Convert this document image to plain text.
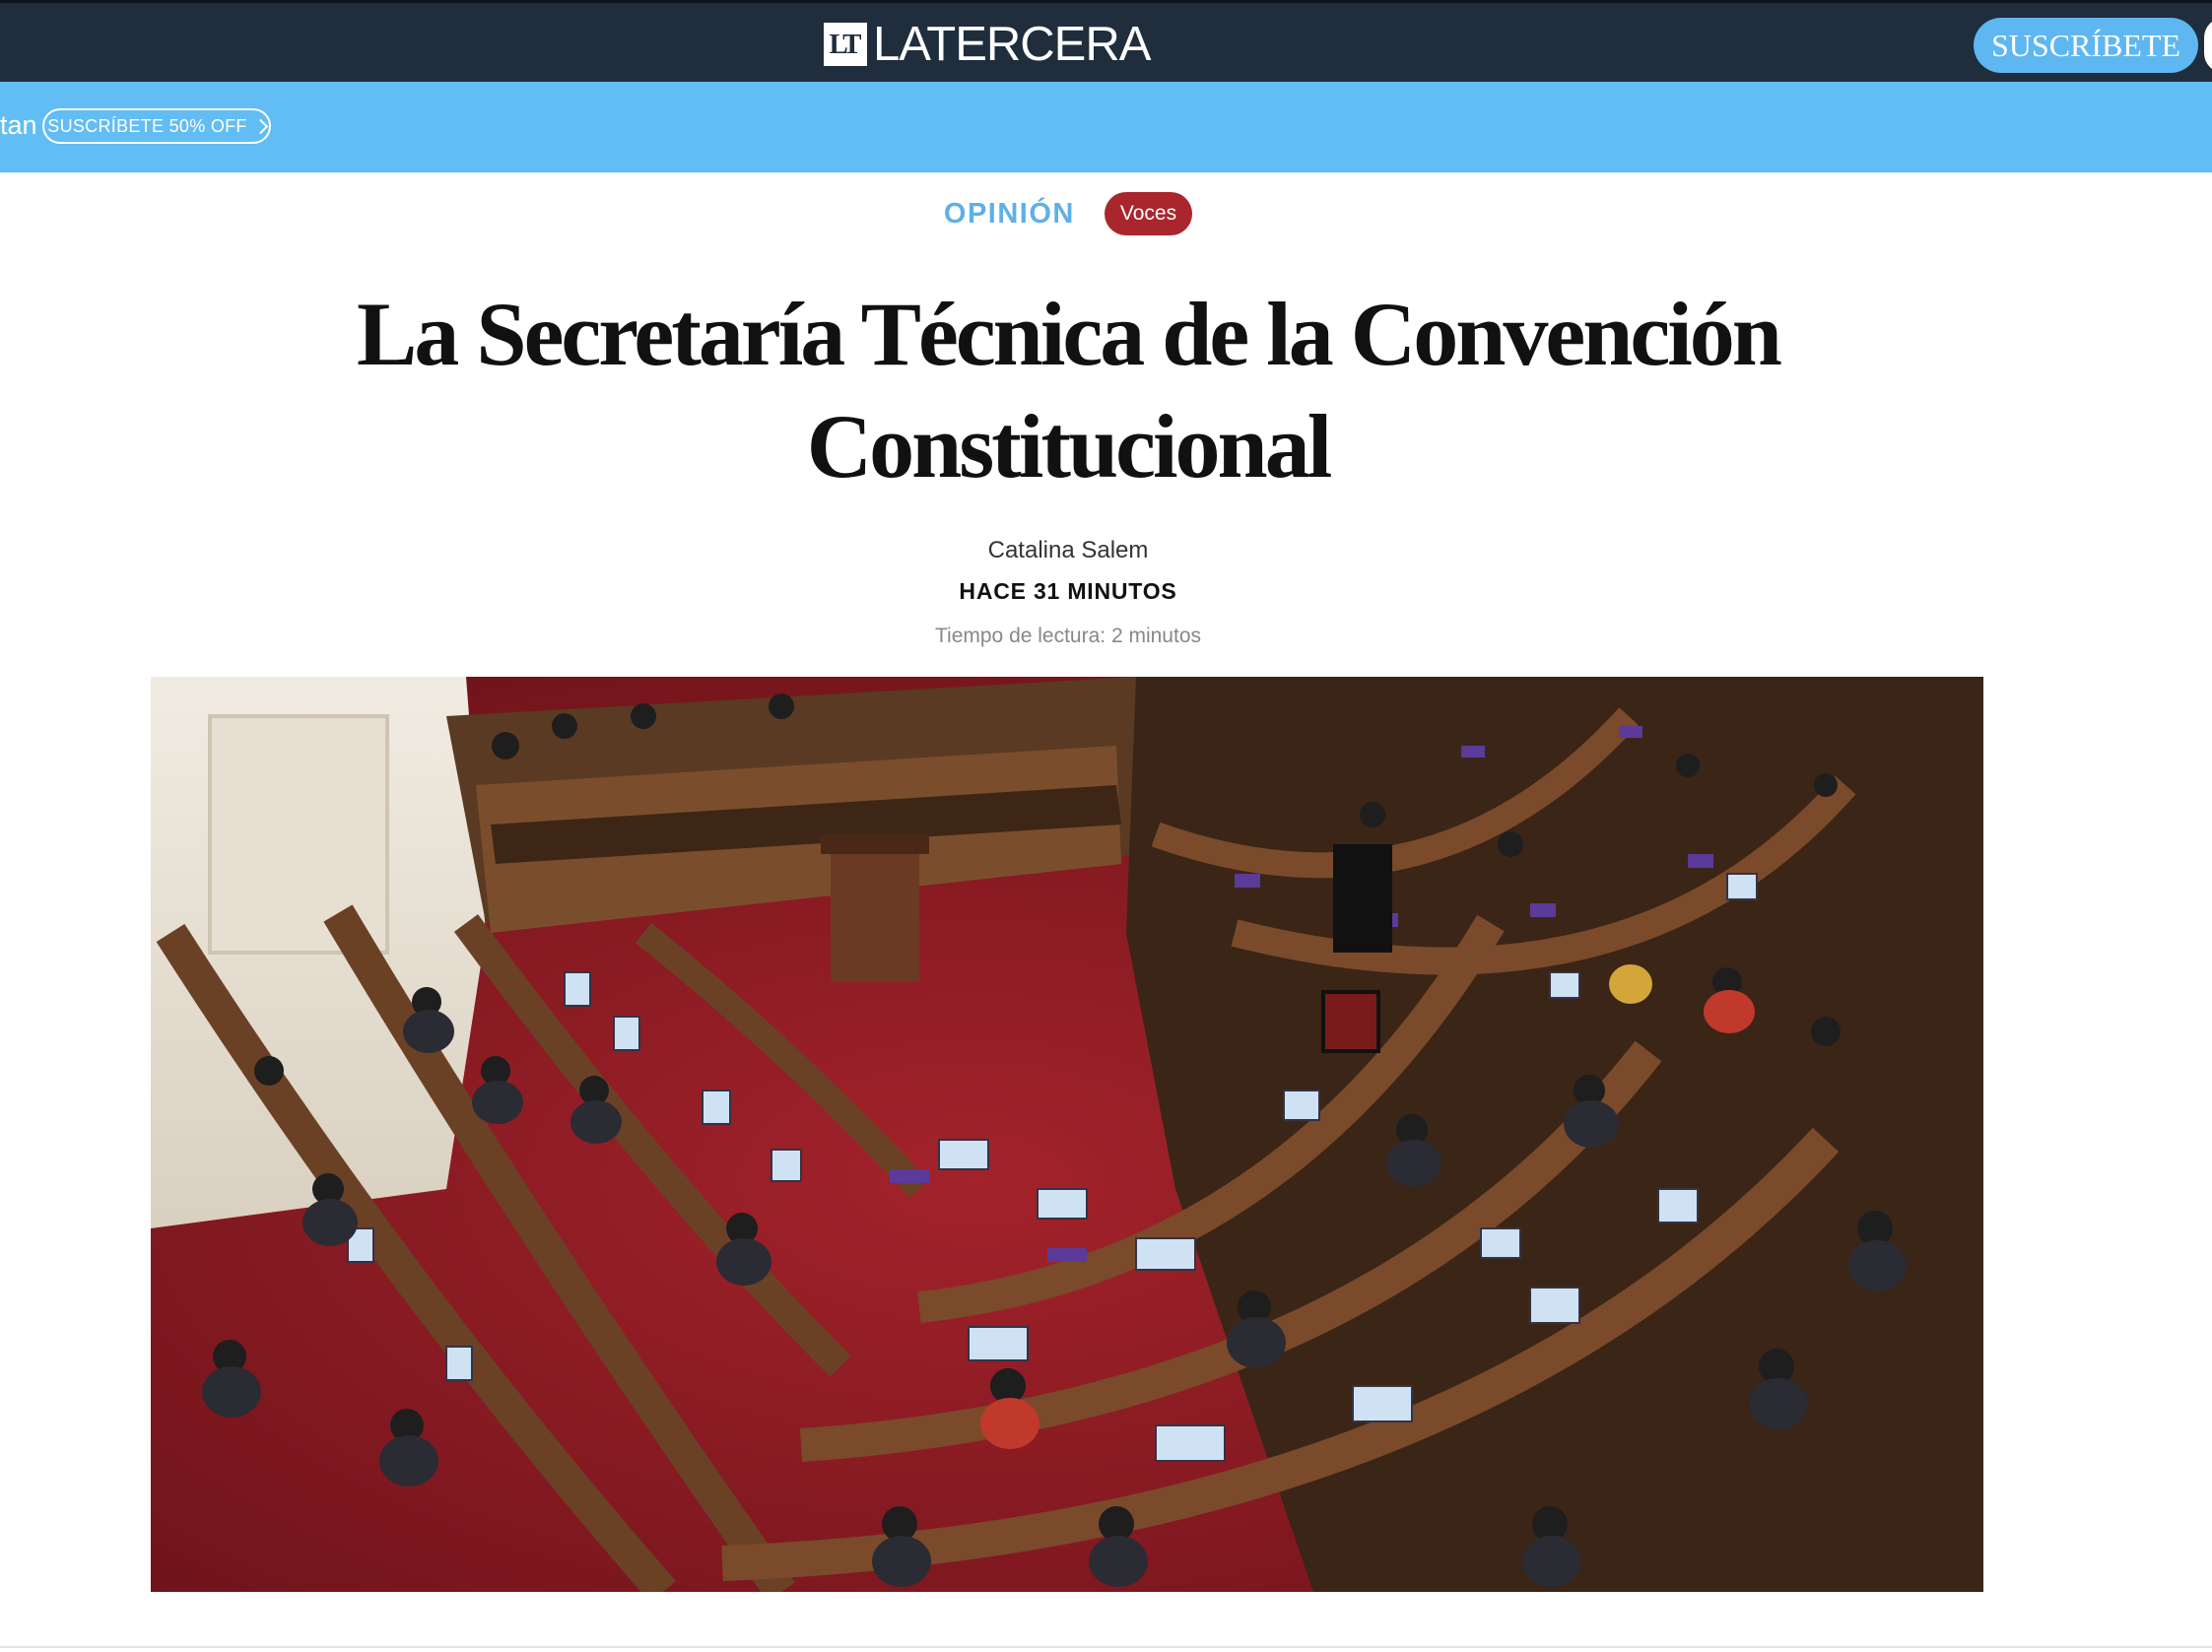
LT LATERCERA	SUSCRÍBETE
tan SUSCRÍBETE 50% OFF
OPINIÓN	Voces
La Secretaría Técnica de la Convención Constitucional
Catalina Salem
HACE 31 MINUTOS
Tiempo de lectura: 2 minutos
